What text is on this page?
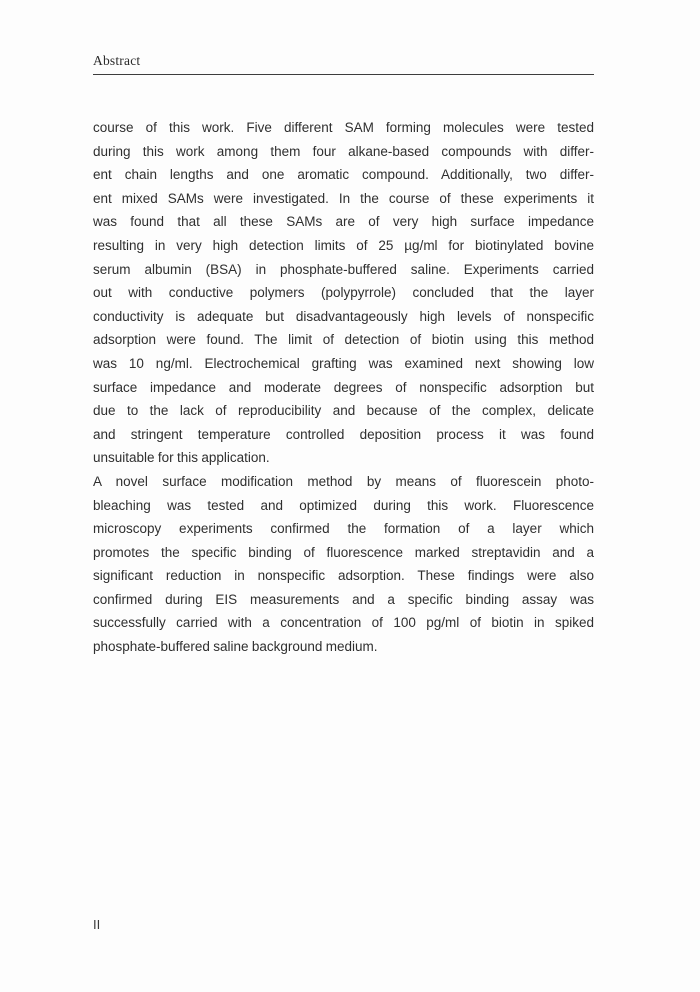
Abstract
course of this work. Five different SAM forming molecules were tested
during this work among them four alkane-based compounds with differ-
ent chain lengths and one aromatic compound. Additionally, two differ-
ent mixed SAMs were investigated. In the course of these experiments it
was found that all these SAMs are of very high surface impedance
resulting in very high detection limits of 25 µg/ml for biotinylated bovine
serum albumin (BSA) in phosphate-buffered saline. Experiments carried
out with conductive polymers (polypyrrole) concluded that the layer
conductivity is adequate but disadvantageously high levels of nonspecific
adsorption were found. The limit of detection of biotin using this method
was 10 ng/ml. Electrochemical grafting was examined next showing low
surface impedance and moderate degrees of nonspecific adsorption but
due to the lack of reproducibility and because of the complex, delicate
and stringent temperature controlled deposition process it was found
unsuitable for this application.
A novel surface modification method by means of fluorescein photo-
bleaching was tested and optimized during this work. Fluorescence
microscopy experiments confirmed the formation of a layer which
promotes the specific binding of fluorescence marked streptavidin and a
significant reduction in nonspecific adsorption. These findings were also
confirmed during EIS measurements and a specific binding assay was
successfully carried with a concentration of 100 pg/ml of biotin in spiked
phosphate-buffered saline background medium.
II
